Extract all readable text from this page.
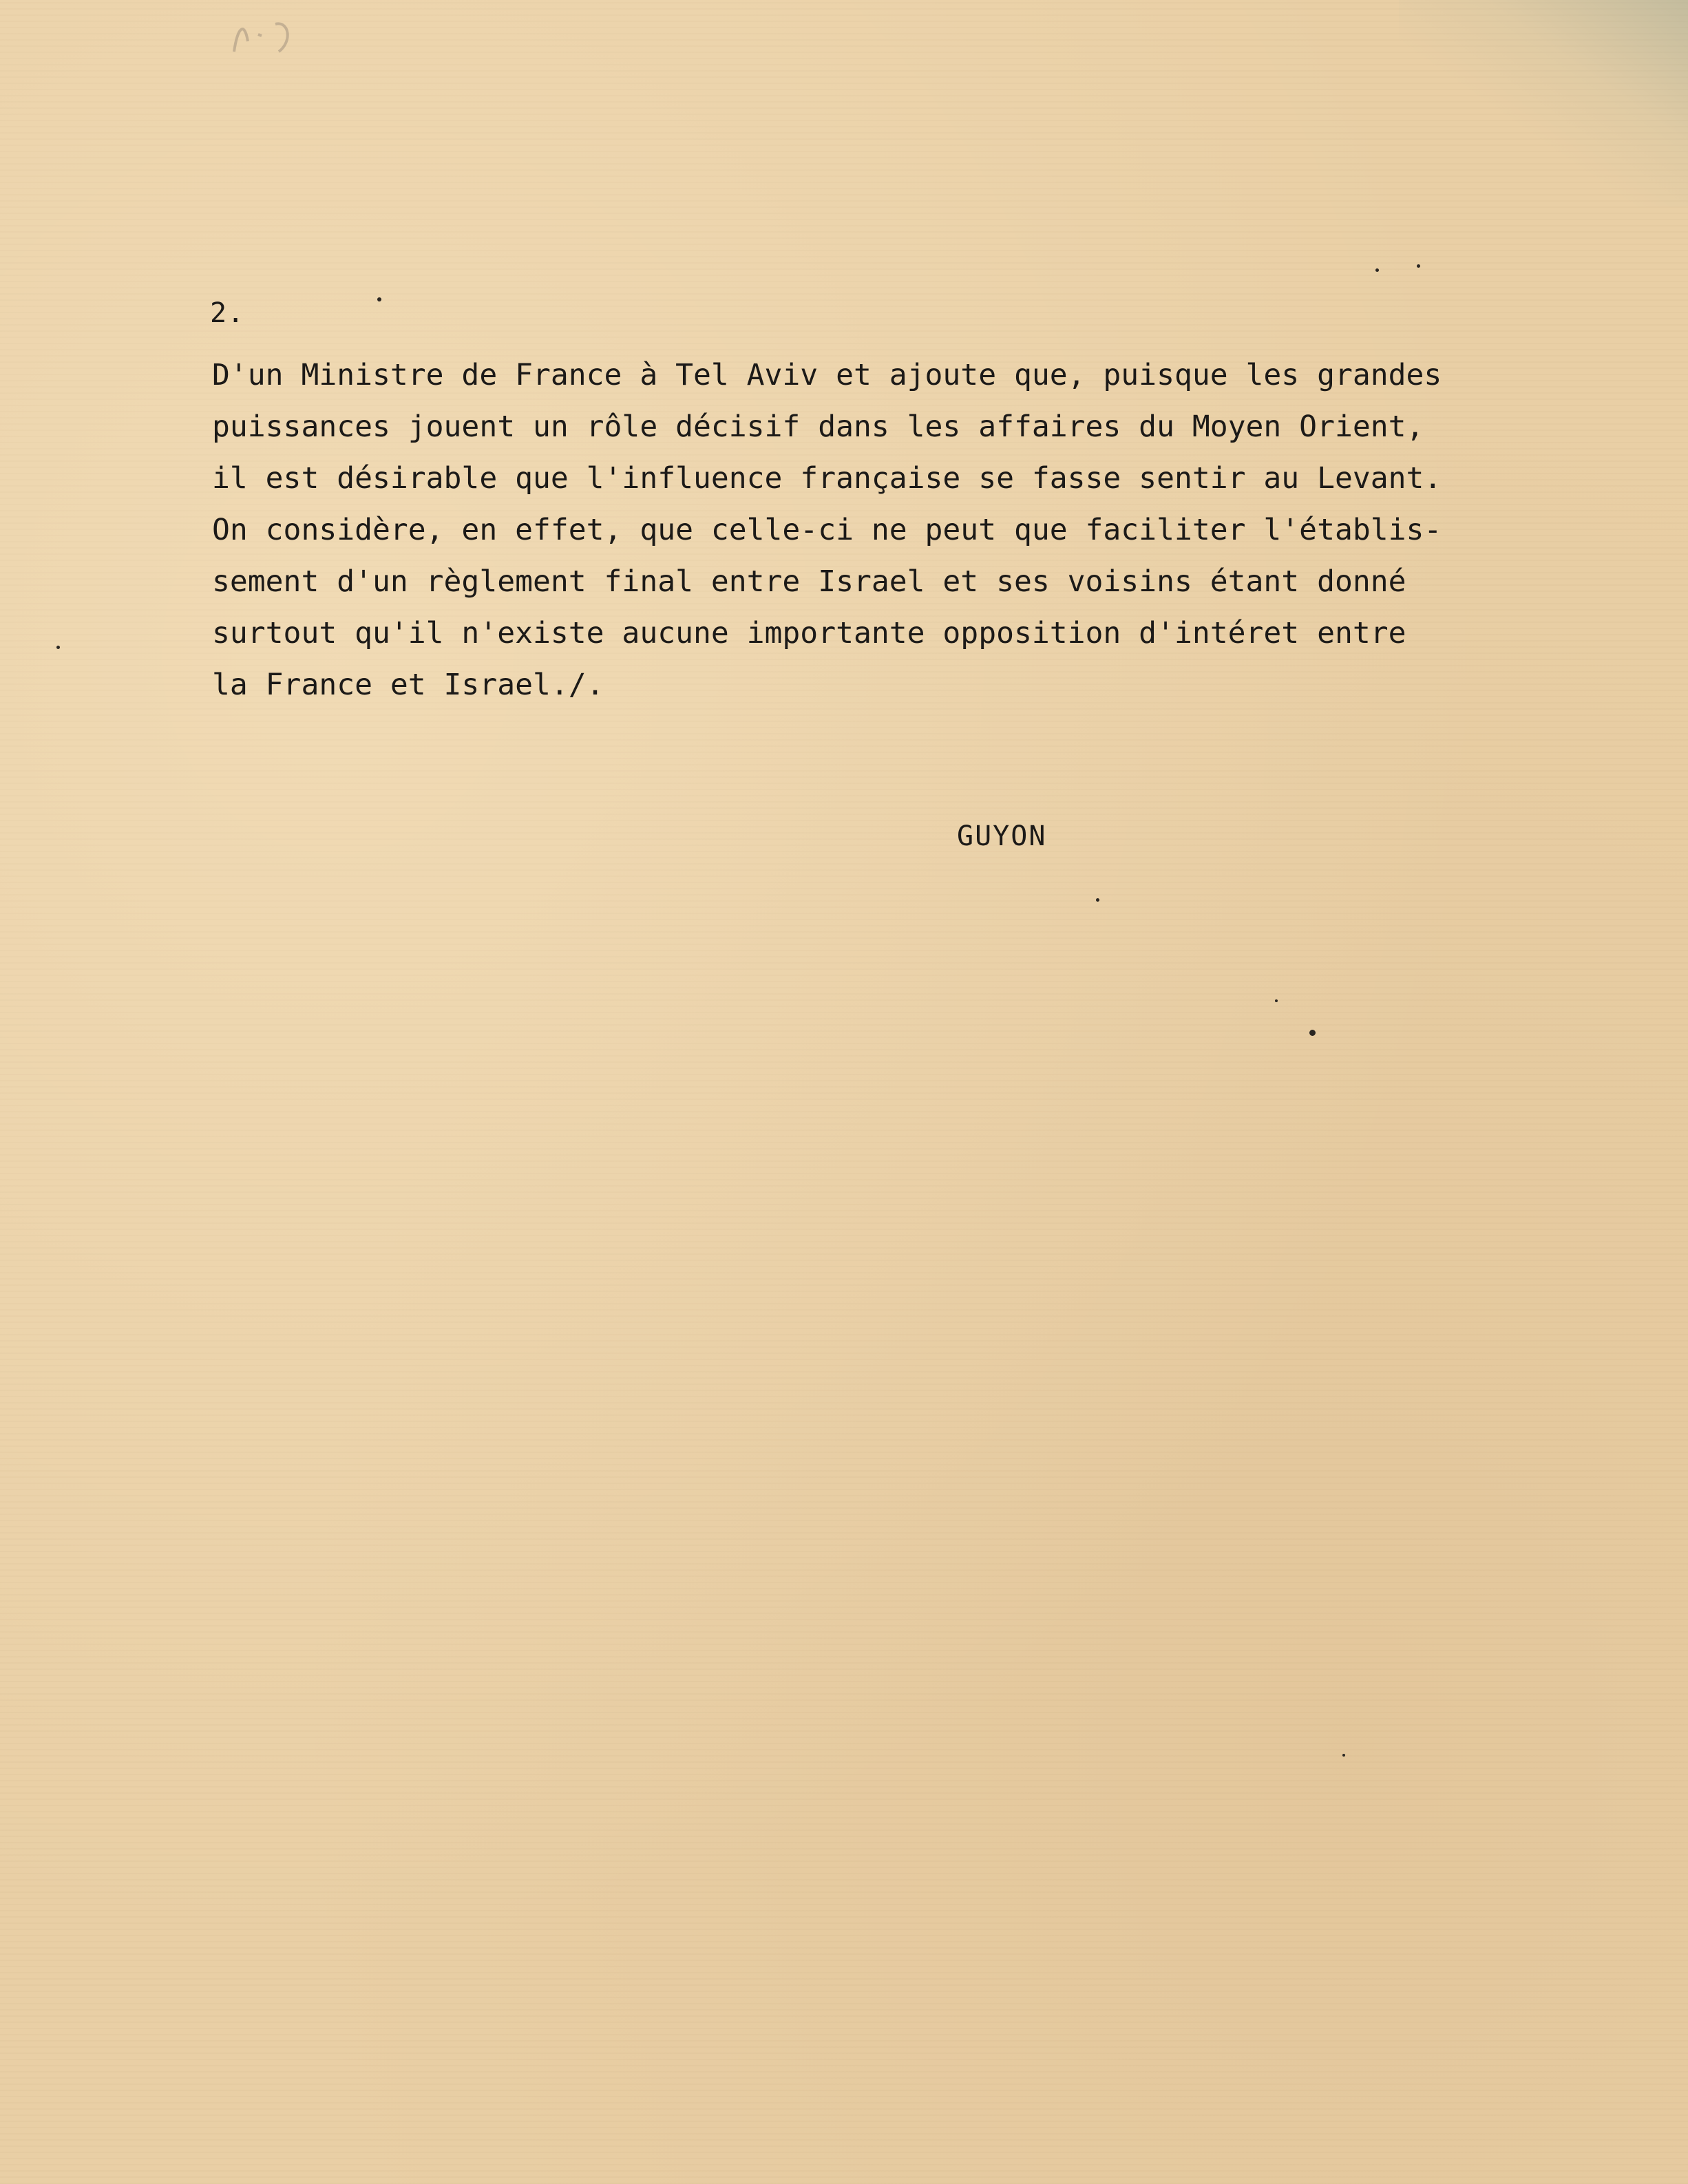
2.
D'un Ministre de France à Tel Aviv et ajoute que, puisque les grandes
puissances jouent un rôle décisif dans les affaires du Moyen Orient,
il est désirable que l'influence française se fasse sentir au Levant.
On considère, en effet, que celle-ci ne peut que faciliter l'établis-
sement d'un règlement final entre Israel et ses voisins étant donné
surtout qu'il n'existe aucune importante opposition d'intéret entre
la France et Israel./.
GUYON
